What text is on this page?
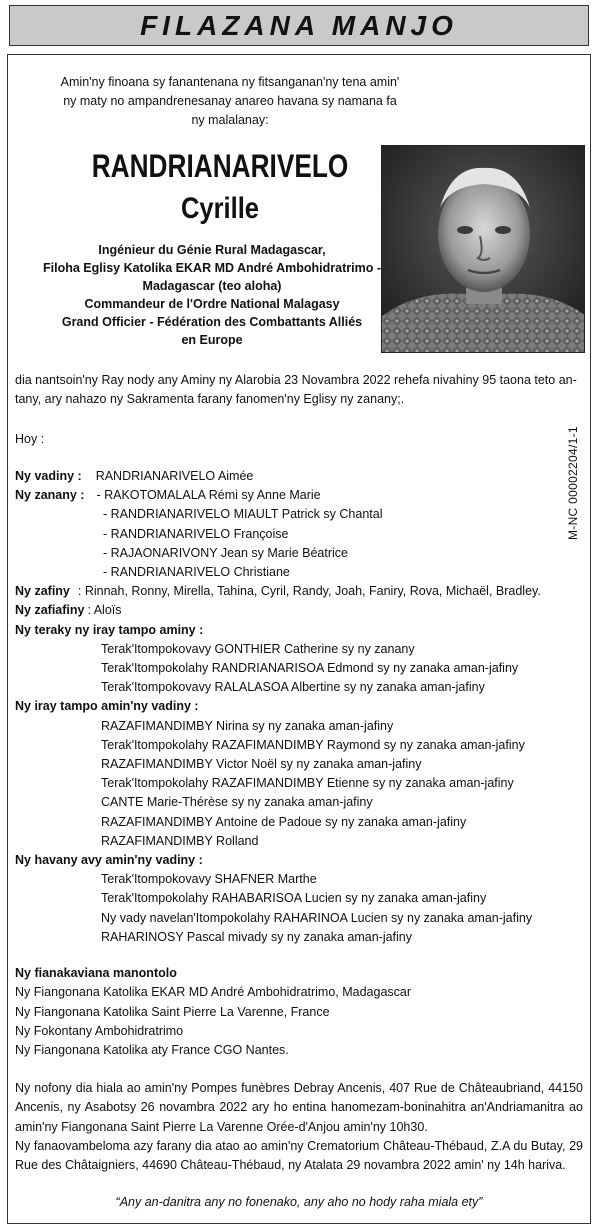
FILAZANA MANJO
Amin'ny finoana sy fanantenana ny fitsanganan'ny tena amin'
ny maty no ampandrenesanay anareo havana sy namana fa
ny malalanay:
RANDRIANARIVELO
Cyrille
Ingénieur du Génie Rural Madagascar,
Filoha Eglisy Katolika EKAR MD André Ambohidratrimo -
Madagascar (teo aloha)
Commandeur de l'Ordre National Malagasy
Grand Officier - Fédération des Combattants Alliés
en Europe
dia nantsoin'ny Ray nody any Aminy ny Alarobia 23 Novambra 2022 rehefa nivahiny 95 taona teto an-tany, ary nahazo ny Sakramenta farany fanomen'ny Eglisy ny zanany;.
Hoy :
Ny vadiny :	RANDRIANARIVELO Aimée
Ny zanany : - RAKOTOMALALA Rémi sy Anne Marie
- RANDRIANARIVELO MIAULT Patrick sy Chantal
- RANDRIANARIVELO Françoise
- RAJAONARIVONY Jean sy Marie Béatrice
- RANDRIANARIVELO Christiane
Ny zafiny : Rinnah, Ronny, Mirella, Tahina, Cyril, Randy, Joah, Faniry, Rova, Michaël, Bradley.
Ny zafiafiny : Aloïs
Ny teraky ny iray tampo aminy :
Terak'Itompokovavy GONTHIER Catherine sy ny zanany
Terak'Itompokolahy RANDRIANARISOA Edmond sy ny zanaka aman-jafiny
Terak'Itompokovavy RALALASOA Albertine sy ny zanaka aman-jafiny
Ny iray tampo amin'ny vadiny :
RAZAFIMANDIMBY Nirina sy ny zanaka aman-jafiny
Terak'Itompokolahy RAZAFIMANDIMBY Raymond sy ny zanaka aman-jafiny
RAZAFIMANDIMBY Victor Noël sy ny zanaka aman-jafiny
Terak'Itompokolahy RAZAFIMANDIMBY Etienne sy ny zanaka aman-jafiny
CANTE Marie-Thérèse sy ny zanaka aman-jafiny
RAZAFIMANDIMBY Antoine de Padoue sy ny zanaka aman-jafiny
RAZAFIMANDIMBY Rolland
Ny havany avy amin'ny vadiny :
Terak'Itompokovavy SHAFNER Marthe
Terak'Itompokolahy RAHABARISOA Lucien sy ny zanaka aman-jafiny
Ny vady navelan'Itompokolahy RAHARINOA Lucien sy ny zanaka aman-jafiny
RAHARINOSY Pascal mivady sy ny zanaka aman-jafiny
Ny fianakaviana manontolo
Ny Fiangonana Katolika EKAR MD André Ambohidratrimo, Madagascar
Ny Fiangonana Katolika Saint Pierre La Varenne, France
Ny Fokontany Ambohidratrimo
Ny Fiangonana Katolika aty France CGO Nantes.
Ny nofony dia hiala ao amin'ny Pompes funèbres Debray Ancenis, 407 Rue de Châteaubriand, 44150 Ancenis, ny Asabotsy 26 novambra 2022 ary ho entina hanomezam-boninahitra an'Andriamanitra ao amin'ny Fiangonana Saint Pierre La Varenne Orée-d'Anjou amin'ny 10h30.
Ny fanaovambeloma azy farany dia atao ao amin'ny Crematorium Château-Thébaud, Z.A du Butay, 29 Rue des Châtaigniers, 44690 Château-Thébaud, ny Atalata 29 novambra 2022 amin' ny 14h hariva.
“Any an-danitra any no fonenako, any aho no hody raha miala ety”
M-NC 00002204/1-1
